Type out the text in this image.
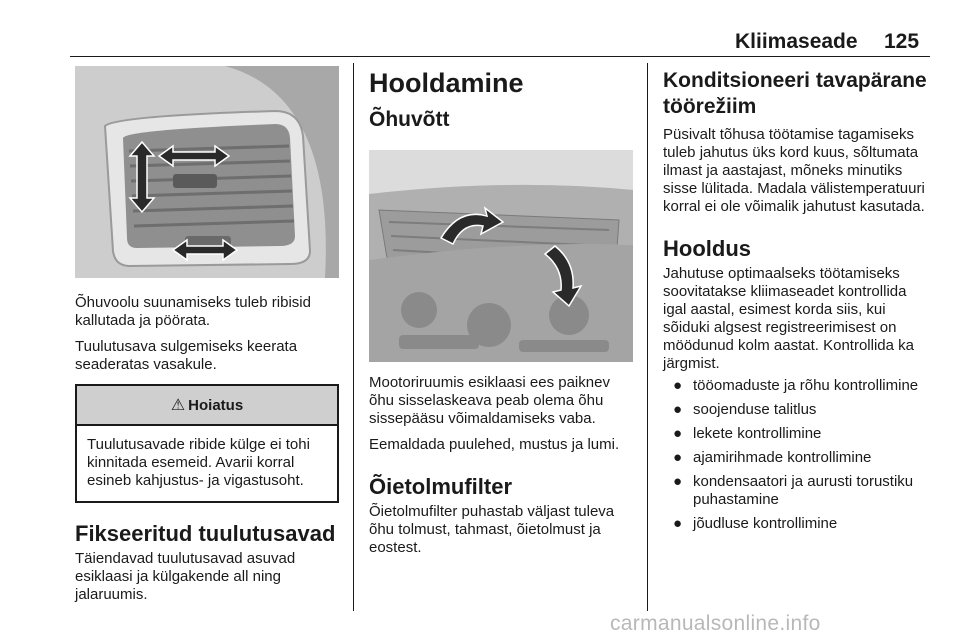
Kliimaseade 125

Õhuvoolu suunamiseks tuleb ribisid kallutada ja pöörata.

Tuulutusava sulgemiseks keerata seaderatas vasakule.

⚠ Hoiatus

Tuulutusavade ribide külge ei tohi kinnitada esemeid. Avarii korral esineb kahjustus- ja vigastusoht.

Fikseeritud tuulutusavad

Täiendavad tuulutusavad asuvad esiklaasi ja külgakende all ning jalaruumis.

Hooldamine
Õhuvõtt

Mootoriruumis esiklaasi ees paiknev õhu sisselaskeava peab olema õhu sissepääsu võimaldamiseks vaba.

Eemaldada puulehed, mustus ja lumi.

Õietolmufilter

Õietolmufilter puhastab väljast tuleva õhu tolmust, tahmast, õietolmust ja eostest.

Konditsioneeri tavapärane töörežiim

Püsivalt tõhusa töötamise tagamiseks tuleb jahutus üks kord kuus, sõltumata ilmast ja aastajast, mõneks minutiks sisse lülitada. Madala välistemperatuuri korral ei ole võimalik jahutust kasutada.

Hooldus

Jahutuse optimaalseks töötamiseks soovitatakse kliimaseadet kontrollida igal aastal, esimest korda siis, kui sõiduki algsest registreerimisest on möödunud kolm aastat. Kontrollida ka järgmist.

● tööomaduste ja rõhu kontrollimine
● soojenduse talitlus
● lekete kontrollimine
● ajamirihmade kontrollimine
● kondensaatori ja aurusti torustiku puhastamine
● jõudluse kontrollimine
carmanualsonline.info
